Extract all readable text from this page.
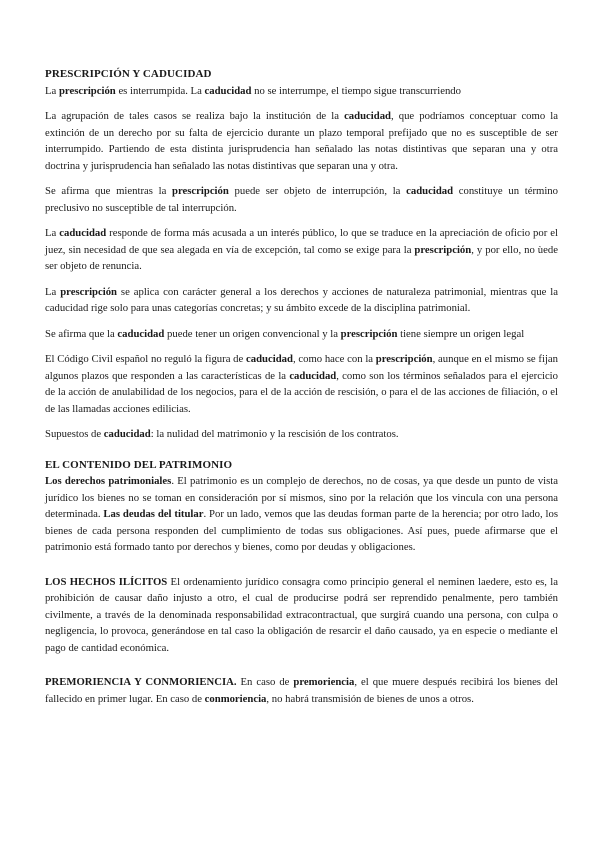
PRESCRIPCIÓN Y CADUCIDAD

La prescripción es interrumpida. La caducidad no se interrumpe, el tiempo sigue transcurriendo

La agrupación de tales casos se realiza bajo la institución de la caducidad, que podríamos conceptuar como la extinción de un derecho por su falta de ejercicio durante un plazo temporal prefijado que no es susceptible de ser interrumpido. Partiendo de esta distinta jurisprudencia han señalado las notas distintivas que separan una y otra doctrina y jurisprudencia han señalado las notas distintivas que separan una y otra.

Se afirma que mientras la prescripción puede ser objeto de interrupción, la caducidad constituye un término preclusivo no susceptible de tal interrupción.

La caducidad responde de forma más acusada a un interés público, lo que se traduce en la apreciación de oficio por el juez, sin necesidad de que sea alegada en vía de excepción, tal como se exige para la prescripción, y por ello, no ùede ser objeto de renuncia.

La prescripción se aplica con carácter general a los derechos y acciones de naturaleza patrimonial, mientras que la caducidad rige solo para unas categorías concretas; y su ámbito excede de la disciplina patrimonial.

Se afirma que la caducidad puede tener un origen convencional y la prescripción tiene siempre un origen legal

El Código Civil español no reguló la figura de caducidad, como hace con la prescripción, aunque en el mismo se fijan algunos plazos que responden a las características de la caducidad, como son los términos señalados para el ejercicio de la acción de anulabilidad de los negocios, para el de la acción de rescisión, o para el de las acciones de filiación, o el de las llamadas acciones edilicias.

Supuestos de caducidad: la nulidad del matrimonio y la rescisión de los contratos.

EL CONTENIDO DEL PATRIMONIO

Los derechos patrimoniales. El patrimonio es un complejo de derechos, no de cosas, ya que desde un punto de vista jurídico los bienes no se toman en consideración por sí mismos, sino por la relación que los vincula con una persona determinada. Las deudas del titular. Por un lado, vemos que las deudas forman parte de la herencia; por otro lado, los bienes de cada persona responden del cumplimiento de todas sus obligaciones. Así pues, puede afirmarse que el patrimonio está formado tanto por derechos y bienes, como por deudas y obligaciones.

LOS HECHOS ILÍCITOS El ordenamiento jurídico consagra como principio general el neminen laedere, esto es, la prohibición de causar daño injusto a otro, el cual de producirse podrá ser reprendido penalmente, pero también civilmente, a través de la denominada responsabilidad extracontractual, que surgirá cuando una persona, con culpa o negligencia, lo provoca, generándose en tal caso la obligación de resarcir el daño causado, ya en especie o mediante el pago de cantidad económica.

PREMORIENCIA Y CONMORIENCIA. En caso de premoriencia, el que muere después recibirá los bienes del fallecido en primer lugar. En caso de conmoriencia, no habrá transmisión de bienes de unos a otros.
